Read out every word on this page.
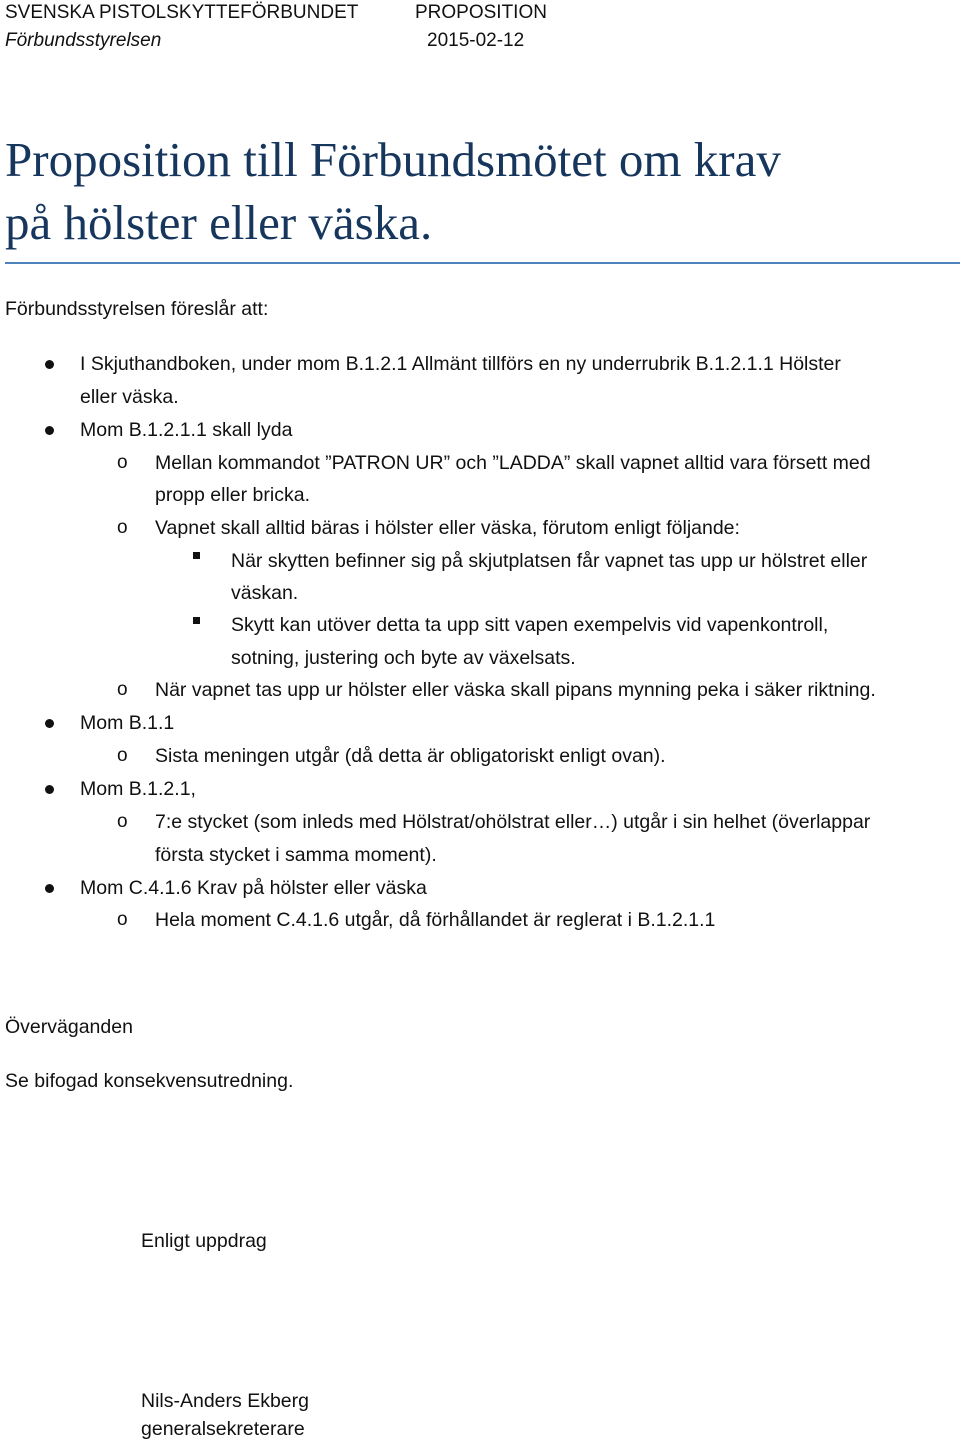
SVENSKA PISTOLSKYTTEFÖRBUNDET
Förbundsstyrelsen
PROPOSITION
2015-02-12
Proposition till Förbundsmötet om krav
på hölster eller väska.
Förbundsstyrelsen föreslår att:
I Skjuthandboken, under mom B.1.2.1 Allmänt tillförs en ny underrubrik B.1.2.1.1 Hölster
eller väska.
Mom B.1.2.1.1 skall lyda
o Mellan kommandot ”PATRON UR” och ”LADDA” skall vapnet alltid vara försett med
propp eller bricka.
o Vapnet skall alltid bäras i hölster eller väska, förutom enligt följande:
När skytten befinner sig på skjutplatsen får vapnet tas upp ur hölstret eller
väskan.
Skytt kan utöver detta ta upp sitt vapen exempelvis vid vapenkontroll,
sotning, justering och byte av växelsats.
o När vapnet tas upp ur hölster eller väska skall pipans mynning peka i säker riktning.
Mom B.1.1
o Sista meningen utgår (då detta är obligatoriskt enligt ovan).
Mom B.1.2.1,
o 7:e stycket (som inleds med Hölstrat/ohölstrat eller…) utgår i sin helhet (överlappar
första stycket i samma moment).
Mom C.4.1.6 Krav på hölster eller väska
o Hela moment C.4.1.6 utgår, då förhållandet är reglerat i B.1.2.1.1
Överväganden
Se bifogad konsekvensutredning.
Enligt uppdrag
Nils-Anders Ekberg
generalsekreterare
